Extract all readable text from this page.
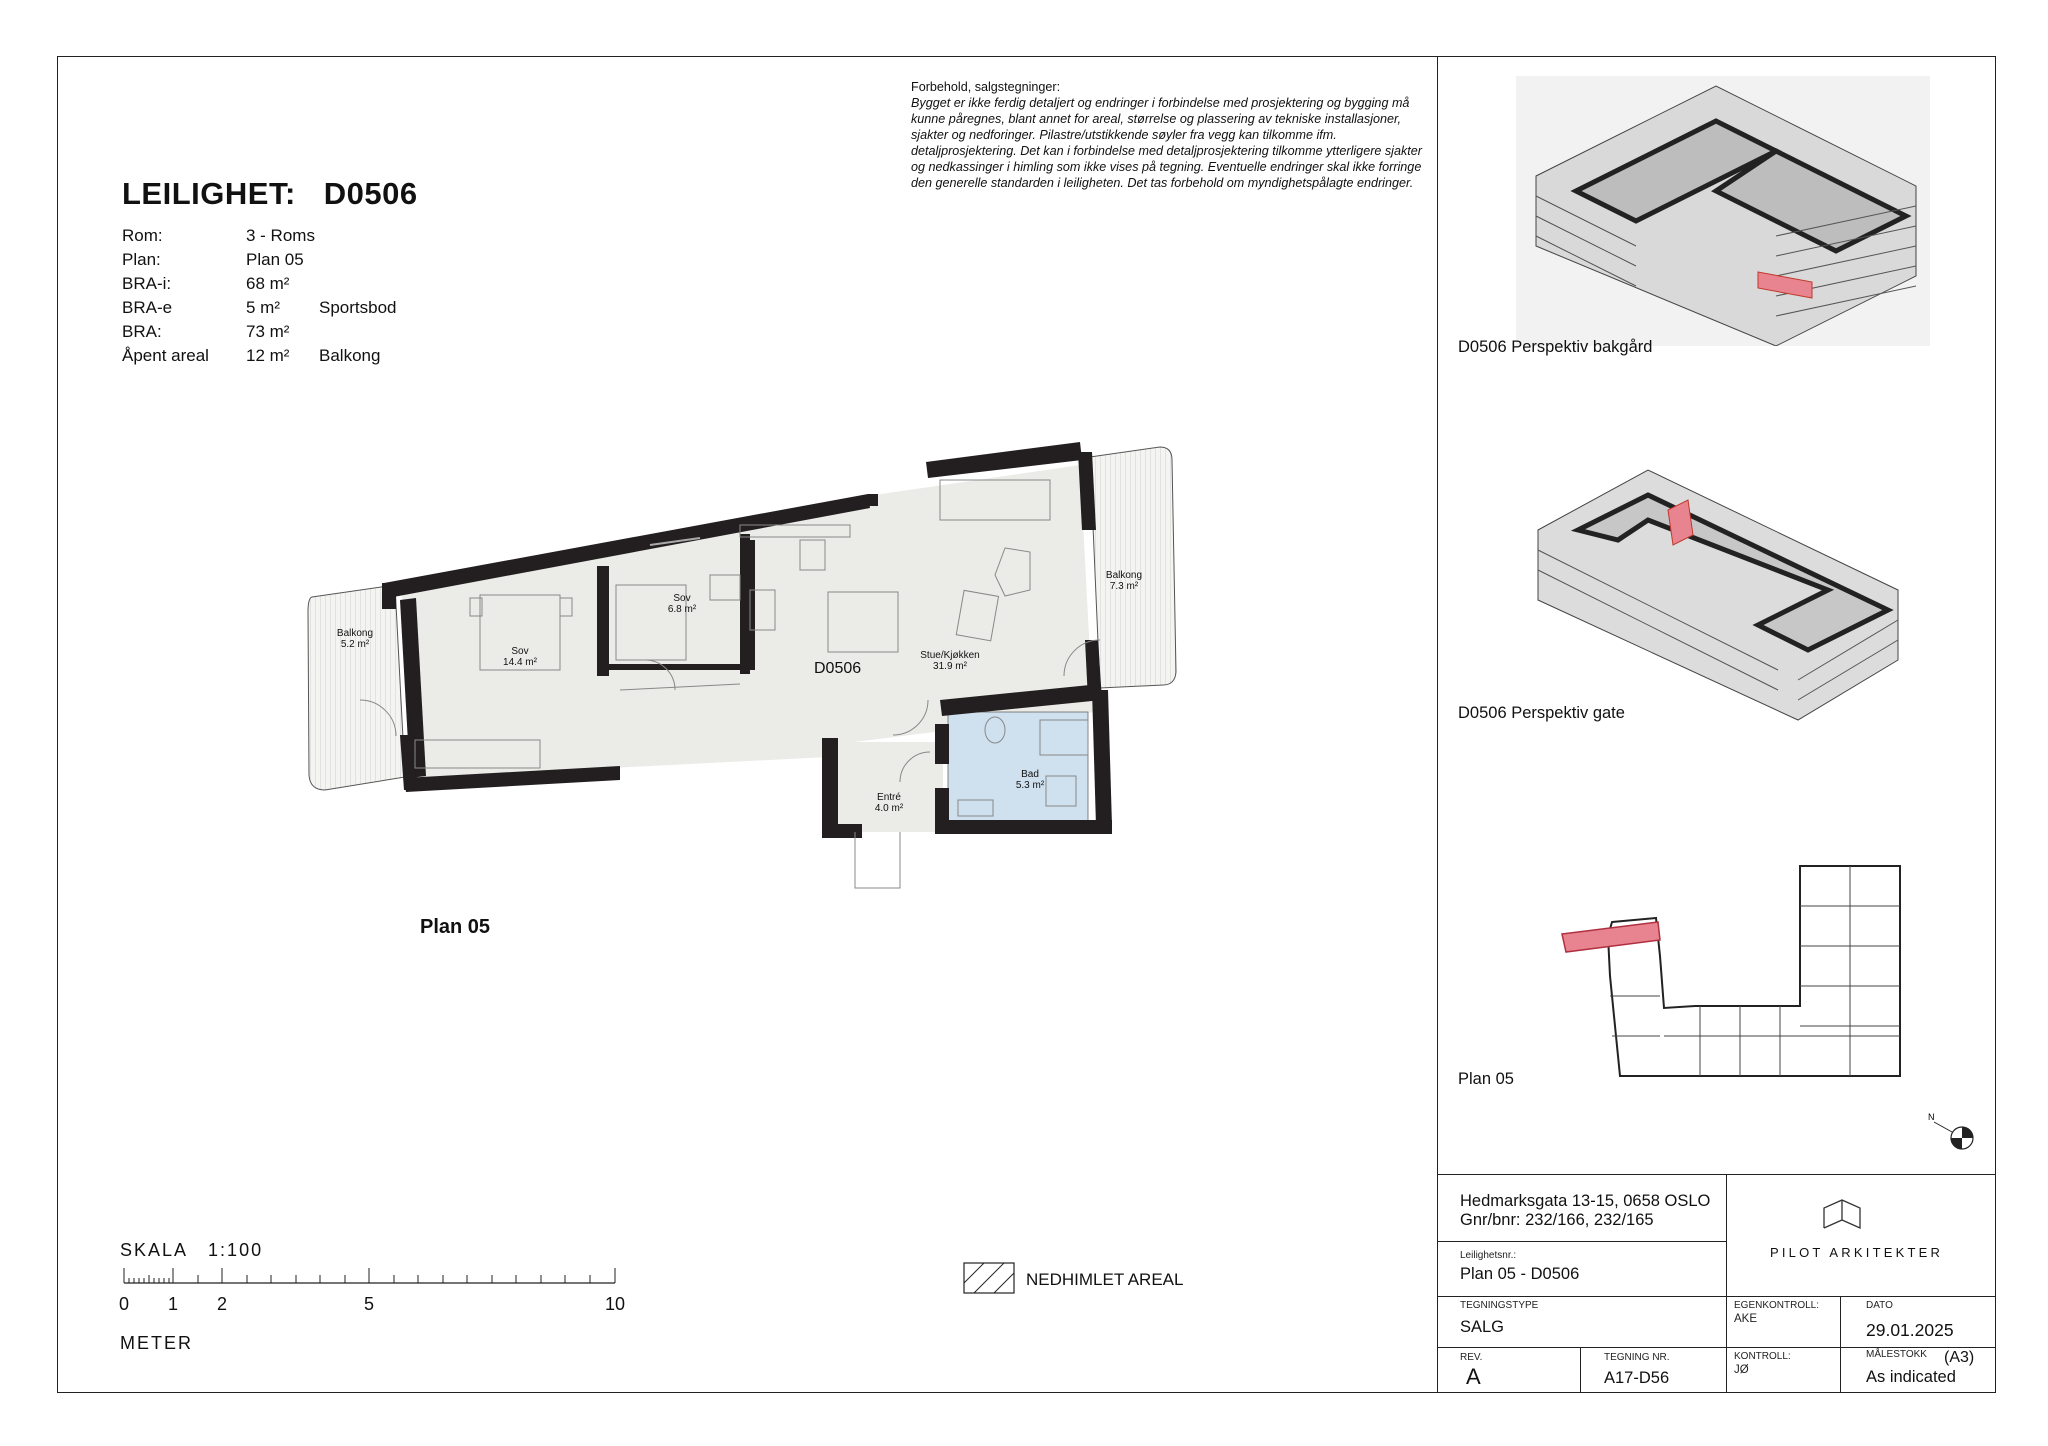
LEILIGHET: D0506
Rom:	3 - Roms
Plan:	Plan 05
BRA-i:	68 m²
BRA-e	5 m²	Sportsbod
BRA:	73 m²
Åpent areal	12 m²	Balkong
Forbehold, salgstegninger:
Bygget er ikke ferdig detaljert og endringer i forbindelse med prosjektering og bygging må kunne påregnes, blant annet for areal, størrelse og plassering av tekniske installasjoner, sjakter og nedforinger. Pilastre/utstikkende søyler fra vegg kan tilkomme ifm. detaljprosjektering. Det kan i forbindelse med detaljprosjektering tilkomme ytterligere sjakter og nedkassinger i himling som ikke vises på tegning. Eventuelle endringer skal ikke forringe den generelle standarden i leiligheten. Det tas forbehold om myndighetspålagte endringer.
Balkong
5.2 m²
Sov
14.4 m²
Sov
6.8 m²
Stue/Kjøkken
31.9 m²
Balkong
7.3 m²
Entré
4.0 m²
Bad
5.3 m²
D0506
Plan 05
SKALA   1:100
0 1 2	5	10
METER
NEDHIMLET AREAL
D0506 Perspektiv bakgård
D0506 Perspektiv gate
Plan 05
N
Hedmarksgata 13-15, 0658 OSLO
Gnr/bnr: 232/166, 232/165
Leilighetsnr.:
Plan 05 - D0506
PILOT ARKITEKTER
TEGNINGSTYPE
SALG
EGENKONTROLL:
AKE
DATO
29.01.2025
REV.
A
TEGNING NR.
A17-D56
KONTROLL:
JØ
MÅLESTOKK (A3)
As indicated
